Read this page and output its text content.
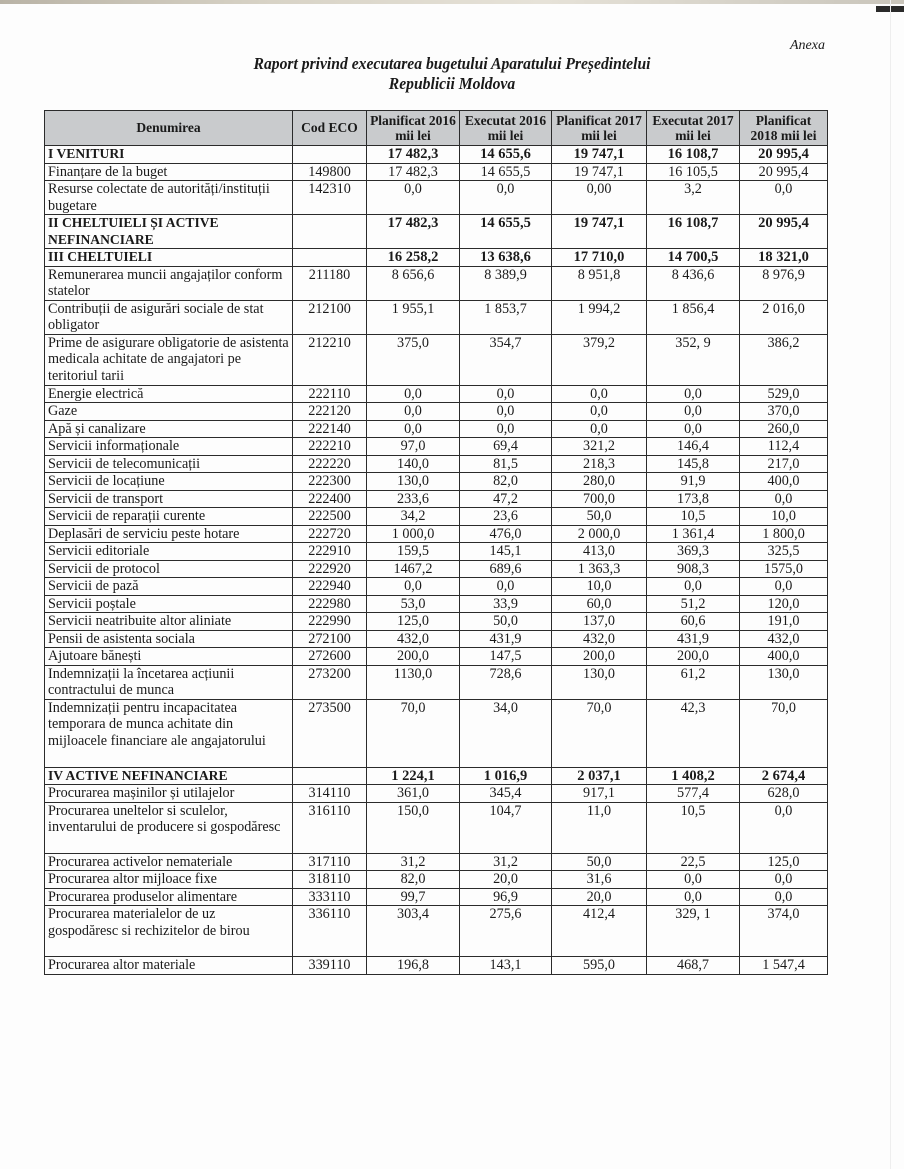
Anexa
Raport privind executarea bugetului Aparatului Președintelui
Republicii Moldova
Denumirea	Cod ECO	Planificat 2016 mii lei	Executat 2016 mii lei	Planificat 2017 mii lei	Executat 2017 mii lei	Planificat 2018 mii lei
I VENITURI		17 482,3	14 655,6	19 747,1	16 108,7	20 995,4
Finanțare de la buget	149800	17 482,3	14 655,5	19 747,1	16 105,5	20 995,4
Resurse colectate de autorități/instituții bugetare	142310	0,0	0,0	0,00	3,2	0,0
II CHELTUIELI ȘI ACTIVE NEFINANCIARE		17 482,3	14 655,5	19 747,1	16 108,7	20 995,4
III CHELTUIELI		16 258,2	13 638,6	17 710,0	14 700,5	18 321,0
Remunerarea muncii angajaților conform statelor	211180	8 656,6	8 389,9	8 951,8	8 436,6	8 976,9
Contribuții de asigurări sociale de stat obligator	212100	1 955,1	1 853,7	1 994,2	1 856,4	2 016,0
Prime de asigurare obligatorie de asistenta medicala achitate de angajatori pe teritoriul tarii	212210	375,0	354,7	379,2	352, 9	386,2
Energie electrică	222110	0,0	0,0	0,0	0,0	529,0
Gaze	222120	0,0	0,0	0,0	0,0	370,0
Apă și canalizare	222140	0,0	0,0	0,0	0,0	260,0
Servicii informaționale	222210	97,0	69,4	321,2	146,4	112,4
Servicii de telecomunicații	222220	140,0	81,5	218,3	145,8	217,0
Servicii de locațiune	222300	130,0	82,0	280,0	91,9	400,0
Servicii de transport	222400	233,6	47,2	700,0	173,8	0,0
Servicii de reparații curente	222500	34,2	23,6	50,0	10,5	10,0
Deplasări de serviciu peste hotare	222720	1 000,0	476,0	2 000,0	1 361,4	1 800,0
Servicii editoriale	222910	159,5	145,1	413,0	369,3	325,5
Servicii de protocol	222920	1467,2	689,6	1 363,3	908,3	1575,0
Servicii de pază	222940	0,0	0,0	10,0	0,0	0,0
Servicii poștale	222980	53,0	33,9	60,0	51,2	120,0
Servicii neatribuite altor aliniate	222990	125,0	50,0	137,0	60,6	191,0
Pensii de asistenta sociala	272100	432,0	431,9	432,0	431,9	432,0
Ajutoare bănești	272600	200,0	147,5	200,0	200,0	400,0
Indemnizații la încetarea acțiunii contractului de munca	273200	1130,0	728,6	130,0	61,2	130,0
Indemnizații pentru incapacitatea temporara de munca achitate din mijloacele financiare ale angajatorului	273500	70,0	34,0	70,0	42,3	70,0
IV ACTIVE NEFINANCIARE		1 224,1	1 016,9	2 037,1	1 408,2	2 674,4
Procurarea mașinilor și utilajelor	314110	361,0	345,4	917,1	577,4	628,0
Procurarea uneltelor si sculelor, inventarului de producere si gospodăresc	316110	150,0	104,7	11,0	10,5	0,0
Procurarea activelor nemateriale	317110	31,2	31,2	50,0	22,5	125,0
Procurarea altor mijloace fixe	318110	82,0	20,0	31,6	0,0	0,0
Procurarea produselor alimentare	333110	99,7	96,9	20,0	0,0	0,0
Procurarea materialelor de uz gospodăresc si rechizitelor de birou	336110	303,4	275,6	412,4	329, 1	374,0
Procurarea altor materiale	339110	196,8	143,1	595,0	468,7	1 547,4
